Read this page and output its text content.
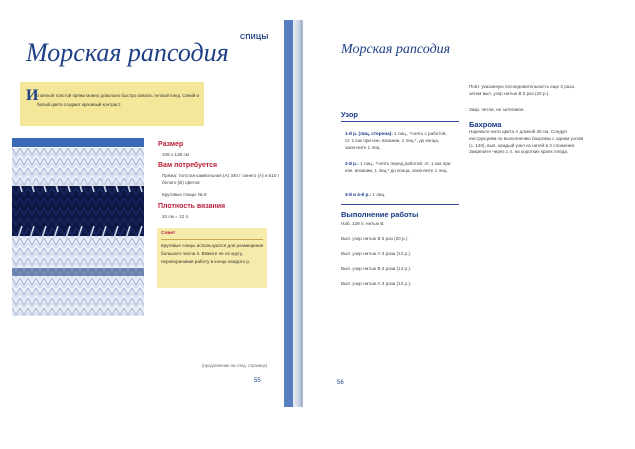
СПИЦЫ
Морская рапсодия
И
з мягкой толстой пряжи можно довольно быстро связать теплый плед. Синий и белый цвета создают красивый контраст.
Размер
108 х 135 см
Вам потребуется
Пряжа: толстая камвольная (А) 340 г синего (A) и 510 г белого (B) цветов
Круговые спицы № 8
Плотность вязания
10 см = 12 п.
Совет
Круговые спицы используются для размещения большого числа п. Вяжите не по кругу, переворачивая работу в конце каждого р.
(продолжение на след. странице)
55
Морская рапсодия
Узор
1-й р. (лиц. сторона): 1 лиц., *снять с работой, от. 1 как при изн. вязании, 1 лиц.*, до конца, закончите 1 лиц.
2-й р.: 1 лиц., *снять перед работой, от. 1 как при изн. вязании, 1 лиц.* до конца, закончите 1 лиц.
3-й и 4-й р.: 1 лиц.
Выполнение работы
Наб. 129 п. нитью В.
Вып. узор нитью В 5 раз (20 р.).
Вып. узор нитью А 3 раза (12 р.).
Вып. узор нитью В 4 раза (14 р.).
Вып. узор нитью А 3 раза (12 р.).
Повт. указанную последовательность еще 2 раза, затем вып. узор нитью В 5 раз (20 р.).
Закр. петли, не затягивая.
Бахрома
Нарежьте нити цвета А длиной 40 см. Следуя инструкциям по выполнению бахромы с одним узлом (с. 140), вып. каждый узел из нитей в 2 сложения. Закрепите через 1 п. на коротких краях пледа.
56
